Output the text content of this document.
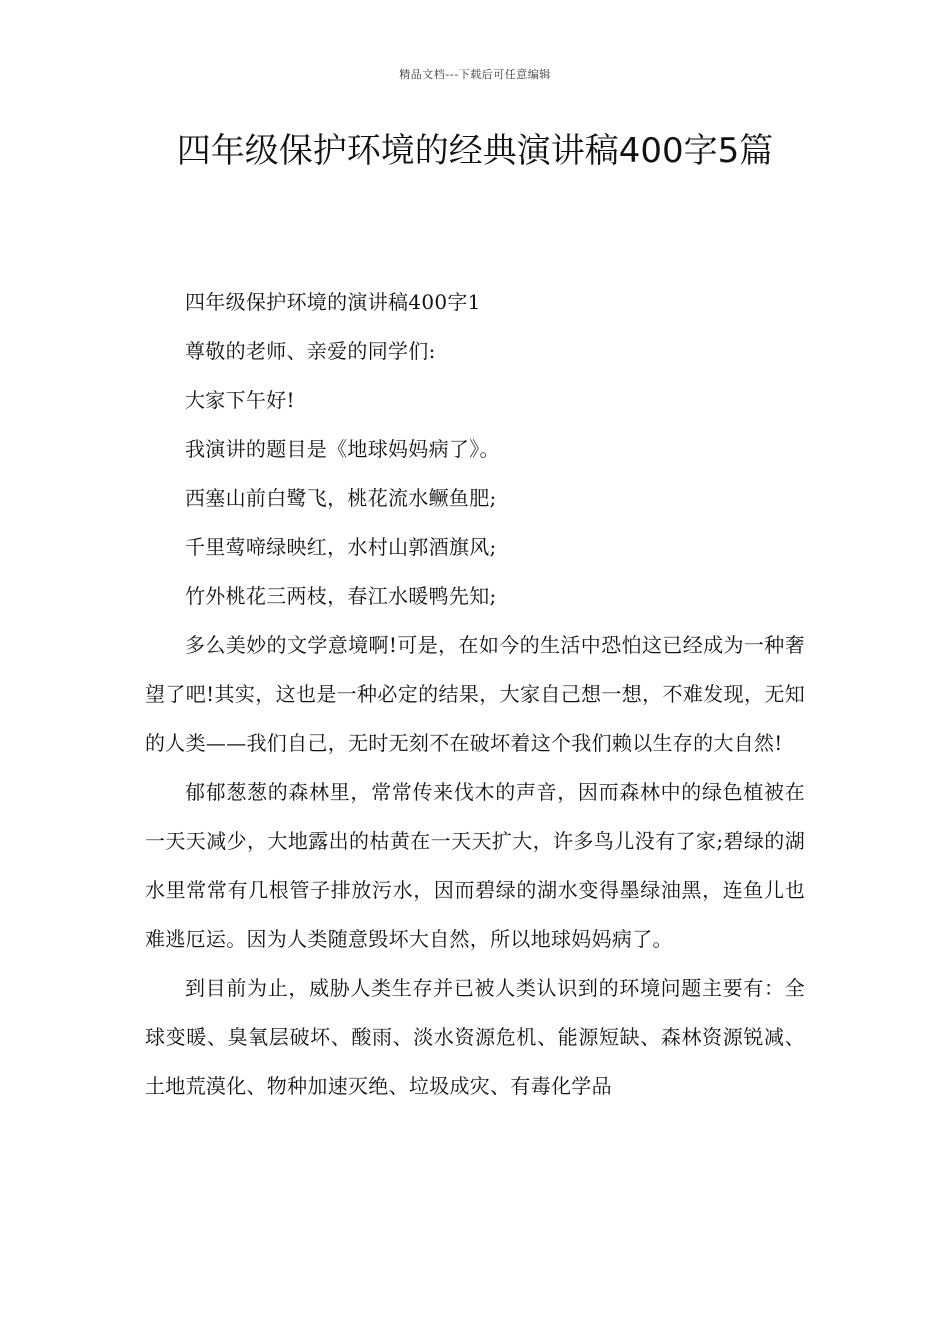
精品文档---下载后可任意编辑
四年级保护环境的经典演讲稿400字5篇

四年级保护环境的演讲稿400字1

尊敬的老师、亲爱的同学们:

大家下午好!

我演讲的题目是《地球妈妈病了》。

西塞山前白鹭飞，桃花流水鳜鱼肥;

千里莺啼绿映红，水村山郭酒旗风;

竹外桃花三两枝，春江水暖鸭先知;

多么美妙的文学意境啊!可是，在如今的生活中恐怕这已经成为一种奢望了吧!其实，这也是一种必定的结果，大家自己想一想，不难发现，无知的人类——我们自己，无时无刻不在破坏着这个我们赖以生存的大自然!

郁郁葱葱的森林里，常常传来伐木的声音，因而森林中的绿色植被在一天天减少，大地露出的枯黄在一天天扩大，许多鸟儿没有了家;碧绿的湖水里常常有几根管子排放污水，因而碧绿的湖水变得墨绿油黑，连鱼儿也难逃厄运。因为人类随意毁坏大自然，所以地球妈妈病了。

到目前为止，威胁人类生存并已被人类认识到的环境问题主要有：全球变暖、臭氧层破坏、酸雨、淡水资源危机、能源短缺、森林资源锐减、土地荒漠化、物种加速灭绝、垃圾成灾、有毒化学品
